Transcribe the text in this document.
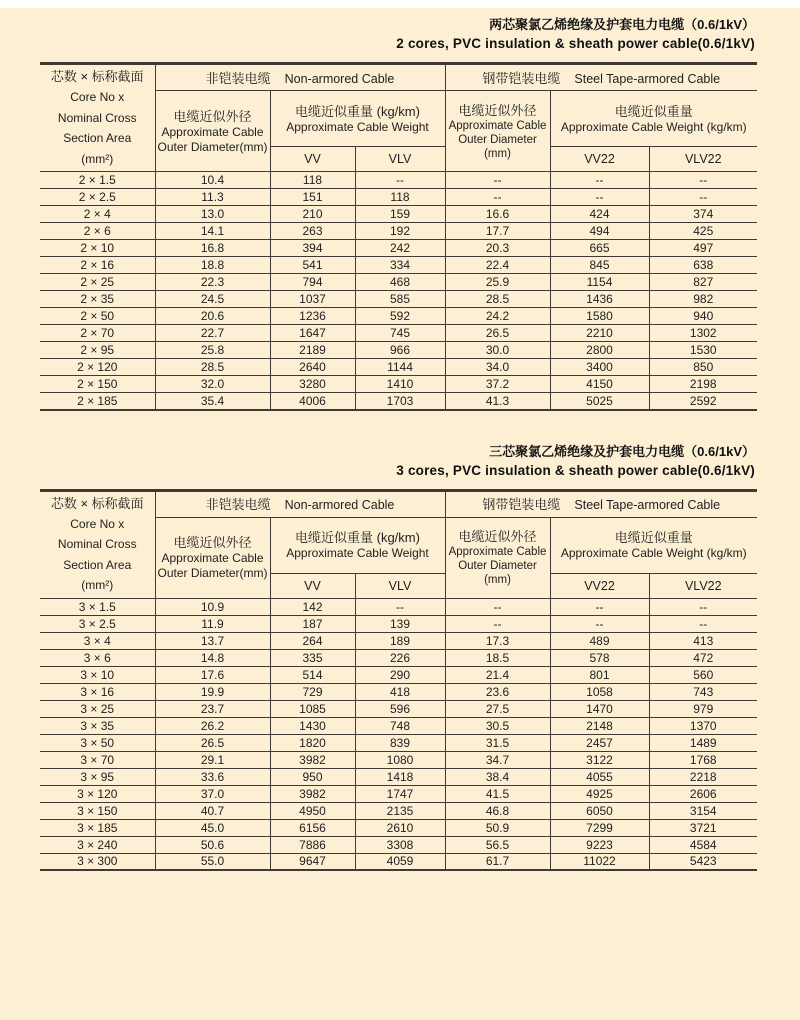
两芯聚氯乙烯绝缘及护套电力电缆（0.6/1kV）
2 cores, PVC insulation & sheath power cable(0.6/1kV)
芯数 × 标称截面
Core No x
Nominal Cross
Section Area
(mm²)	非铠装电缆 Non-armored Cable			钢带铠装电缆 Steel Tape-armored Cable		

电缆近似外径
Approximate Cable
Outer Diameter(mm)

电缆近似重量 (kg/km)
Approximate Cable Weight

电缆近似外径
Approximate Cable
Outer Diameter
(mm)

电缆近似重量
Approximate Cable Weight (kg/km)

		VV	VLV		VV22	VLV22
2 × 1.5	10.4	118	--	--	--	--
2 × 2.5	11.3	151	118	--	--	--
2 × 4	13.0	210	159	16.6	424	374
2 × 6	14.1	263	192	17.7	494	425
2 × 10	16.8	394	242	20.3	665	497
2 × 16	18.8	541	334	22.4	845	638
2 × 25	22.3	794	468	25.9	1154	827
2 × 35	24.5	1037	585	28.5	1436	982
2 × 50	20.6	1236	592	24.2	1580	940
2 × 70	22.7	1647	745	26.5	2210	1302
2 × 95	25.8	2189	966	30.0	2800	1530
2 × 120	28.5	2640	1144	34.0	3400	850
2 × 150	32.0	3280	1410	37.2	4150	2198
2 × 185	35.4	4006	1703	41.3	5025	2592
三芯聚氯乙烯绝缘及护套电力电缆（0.6/1kV）
3 cores, PVC insulation & sheath power cable(0.6/1kV)
芯数 × 标称截面
Core No x
Nominal Cross
Section Area
(mm²)	非铠装电缆 Non-armored Cable			钢带铠装电缆 Steel Tape-armored Cable		

电缆近似外径
Approximate Cable
Outer Diameter(mm)

电缆近似重量 (kg/km)
Approximate Cable Weight

电缆近似外径
Approximate Cable
Outer Diameter
(mm)

电缆近似重量
Approximate Cable Weight (kg/km)

		VV	VLV		VV22	VLV22
3 × 1.5	10.9	142	--	--	--	--
3 × 2.5	11.9	187	139	--	--	--
3 × 4	13.7	264	189	17.3	489	413
3 × 6	14.8	335	226	18.5	578	472
3 × 10	17.6	514	290	21.4	801	560
3 × 16	19.9	729	418	23.6	1058	743
3 × 25	23.7	1085	596	27.5	1470	979
3 × 35	26.2	1430	748	30.5	2148	1370
3 × 50	26.5	1820	839	31.5	2457	1489
3 × 70	29.1	3982	1080	34.7	3122	1768
3 × 95	33.6	950	1418	38.4	4055	2218
3 × 120	37.0	3982	1747	41.5	4925	2606
3 × 150	40.7	4950	2135	46.8	6050	3154
3 × 185	45.0	6156	2610	50.9	7299	3721
3 × 240	50.6	7886	3308	56.5	9223	4584
3 × 300	55.0	9647	4059	61.7	11022	5423
